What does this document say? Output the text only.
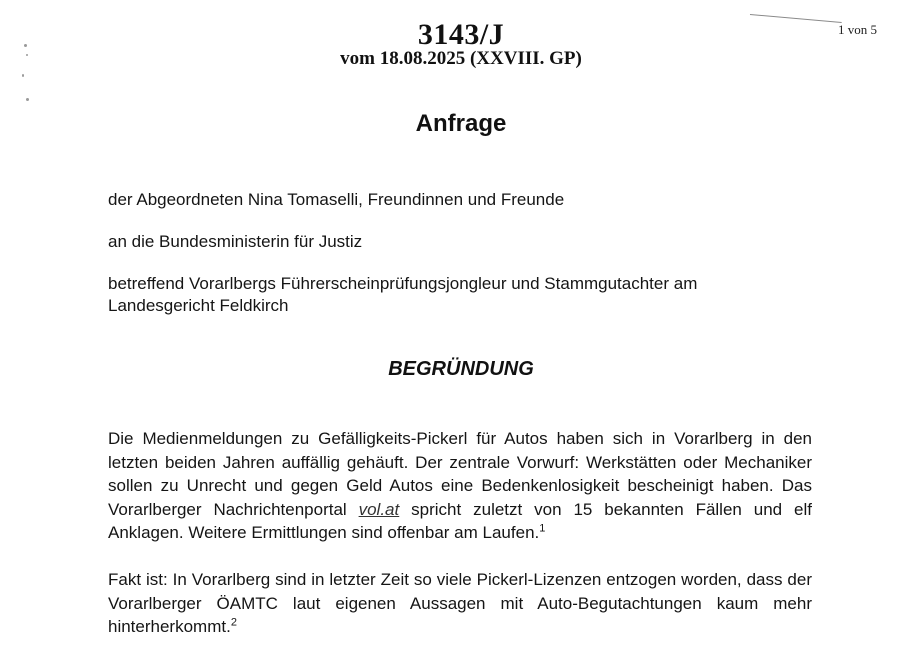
1 von 5
3143/J
vom 18.08.2025 (XXVIII. GP)
Anfrage
der Abgeordneten Nina Tomaselli, Freundinnen und Freunde
an die Bundesministerin für Justiz
betreffend Vorarlbergs Führerscheinprüfungsjongleur und Stammgutachter am
Landesgericht Feldkirch
BEGRÜNDUNG
Die Medienmeldungen zu Gefälligkeits-Pickerl für Autos haben sich in Vorarlberg in den letzten beiden Jahren auffällig gehäuft. Der zentrale Vorwurf: Werkstätten oder Mechaniker sollen zu Unrecht und gegen Geld Autos eine Bedenkenlosigkeit bescheinigt haben. Das Vorarlberger Nachrichtenportal vol.at spricht zuletzt von 15 bekannten Fällen und elf Anklagen. Weitere Ermittlungen sind offenbar am Laufen.$^1$
Fakt ist: In Vorarlberg sind in letzter Zeit so viele Pickerl-Lizenzen entzogen worden, dass der Vorarlberger ÖAMTC laut eigenen Aussagen mit Auto-Begutachtungen kaum mehr hinterherkommt.$^2$
